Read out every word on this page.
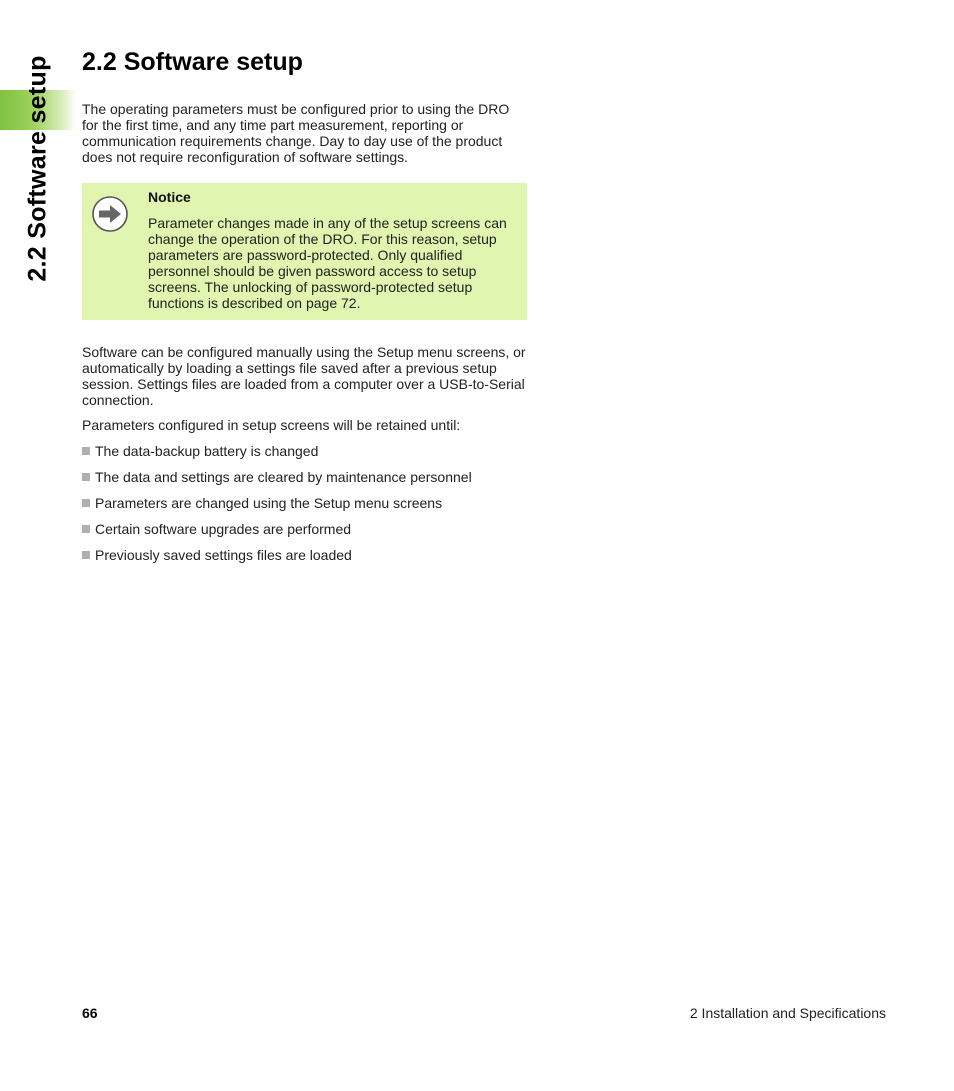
2.2 Software setup 2.2 Software setup

The operating parameters must be configured prior to using the DRO for the first time, and any time part measurement, reporting or communication requirements change. Day to day use of the product does not require reconfiguration of software settings.

Notice

Parameter changes made in any of the setup screens can change the operation of the DRO. For this reason, setup parameters are password-protected. Only qualified personnel should be given password access to setup screens. The unlocking of password-protected setup functions is described on page 72.

Software can be configured manually using the Setup menu screens, or automatically by loading a settings file saved after a previous setup session. Settings files are loaded from a computer over a USB-to-Serial connection.

Parameters configured in setup screens will be retained until:

The data-backup battery is changed
The data and settings are cleared by maintenance personnel
Parameters are changed using the Setup menu screens
Certain software upgrades are performed
Previously saved settings files are loaded
66	2 Installation and Specifications
